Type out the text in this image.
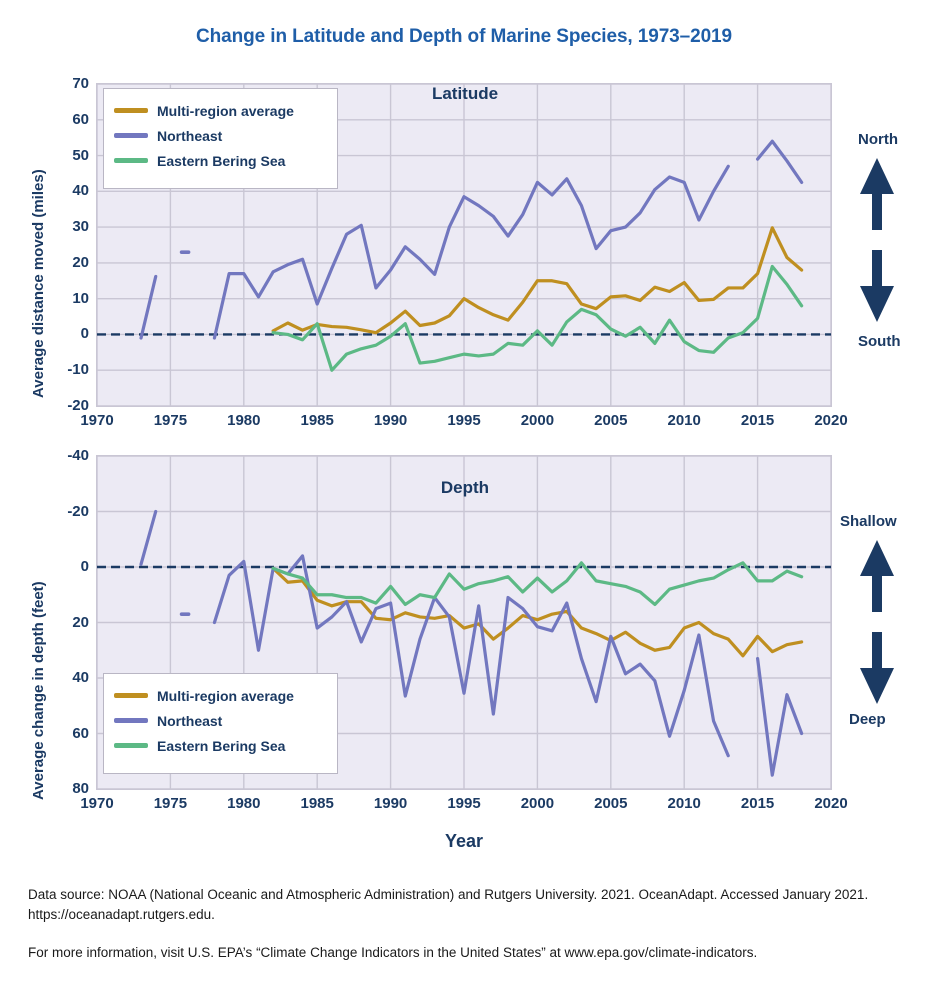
Change in Latitude and Depth of Marine Species, 1973–2019
Average distance moved (miles)
Latitude
70
60
50
40
30
20
10
0
-10
-20
1970	1975	1980	1985	1990	1995	2000	2005	2010	2015	2020
Multi-region average
Northeast
Eastern Bering Sea
North
South
Average change in depth (feet)
Depth
-40
-20
0
20
40
60
80
1970	1975	1980	1985	1990	1995	2000	2005	2010	2015	2020
Multi-region average
Northeast
Eastern Bering Sea
Shallow
Deep
Year
Data source: NOAA (National Oceanic and Atmospheric Administration) and Rutgers University. 2021. OceanAdapt. Accessed January 2021. https://oceanadapt.rutgers.edu.
For more information, visit U.S. EPA’s “Climate Change Indicators in the United States” at www.epa.gov/climate-indicators.
